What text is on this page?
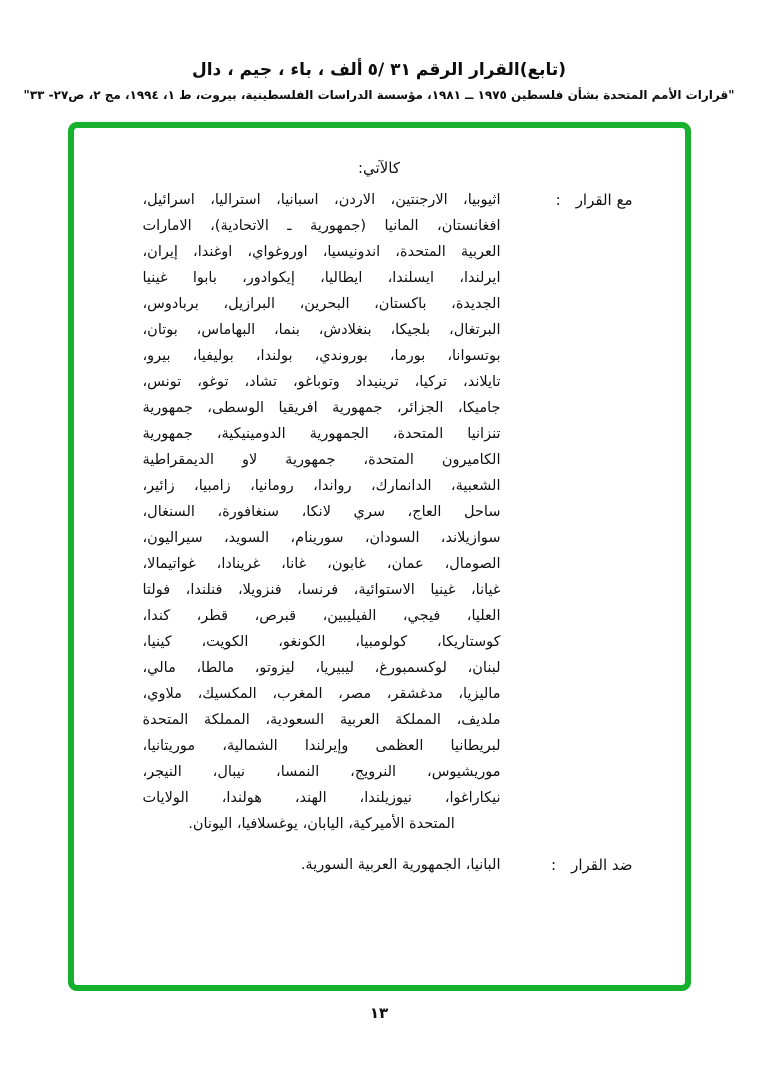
(تابع)القرار الرقم٣١ /٥ألف ، باء ، جيم ، دال
"قرارات الأمم المتحدة بشأن فلسطين ١٩٧٥ ــ ١٩٨١، مؤسسة الدراسات الفلسطينية، بيروت، ط ١، ١٩٩٤، مج ٢، ص٢٧- ٣٣"
كالآتي:
مع القرار
:
اثيوبيا، الارجنتين، الاردن، اسبانيا، استراليا، اسرائيل،
افغانستان، المانيا (جمهورية ـ الاتحادية)، الامارات
العربية المتحدة، اندونيسيا، اوروغواي، اوغندا، إيران،
ايرلندا، ايسلندا، ايطاليا، إيكوادور، بابوا غينيا
الجديدة، باكستان، البحرين، البرازيل، بربادوس،
البرتغال، بلجيكا، بنغلادش، بنما، البهاماس، بوتان،
بوتسوانا، بورما، بوروندي، بولندا، بوليفيا، بيرو،
تايلاند، تركيا، ترينيداد وتوباغو، تشاد، توغو، تونس،
جاميكا، الجزائر، جمهورية افريقيا الوسطى، جمهورية
تنزانيا المتحدة، الجمهورية الدومينيكية، جمهورية
الكاميرون المتحدة، جمهورية لاو الديمقراطية
الشعبية، الدانمارك، رواندا، رومانيا، زامبيا، زائير،
ساحل العاج، سري لانكا، سنغافورة، السنغال،
سوازيلاند، السودان، سورينام، السويد، سيراليون،
الصومال، عمان، غابون، غانا، غرينادا، غواتيمالا،
غيانا، غينيا الاستوائية، فرنسا، فنزويلا، فنلندا، فولتا
العليا، فيجي، الفيليبين، قبرص، قطر، كندا،
كوستاريكا، كولومبيا، الكونغو، الكويت، كينيا،
لبنان، لوكسمبورغ، ليبيريا، ليزوتو، مالطا، مالي،
ماليزيا، مدغشقر، مصر، المغرب، المكسيك، ملاوي،
ملديف، المملكة العربية السعودية، المملكة المتحدة
لبريطانيا العظمى وإيرلندا الشمالية، موريتانيا،
موريشيوس، النرويج، النمسا، نيبال، النيجر،
نيكاراغوا، نيوزيلندا، الهند، هولندا، الولايات
المتحدة الأميركية، اليابان، يوغسلافيا، اليونان.
ضد القرار
:
البانيا، الجمهورية العربية السورية.
١٣
